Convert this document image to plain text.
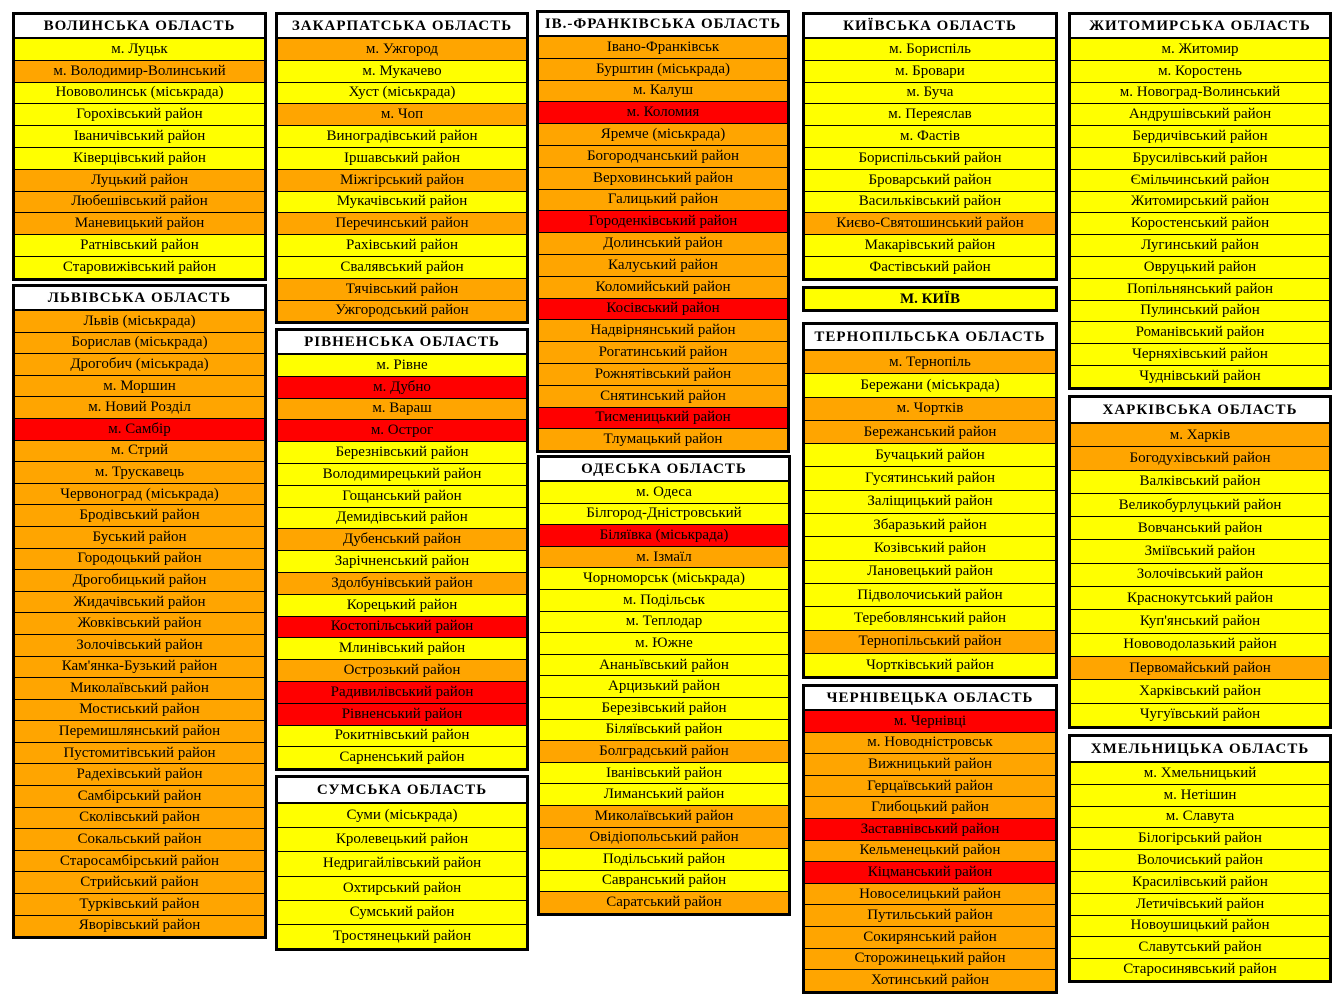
ВОЛИНСЬКА ОБЛАСТЬ
м. Луцьк
м. Володимир-Волинський
Нововолинськ (міськрада)
Горохівський район
Іваничівський район
Ківерцівський район
Луцький район
Любешівський район
Маневицький район
Ратнівський район
Старовижівський район
ЛЬВІВСЬКА ОБЛАСТЬ
Львів (міськрада)
Борислав (міськрада)
Дрогобич (міськрада)
м. Моршин
м. Новий Розділ
м. Самбір
м. Стрий
м. Трускавець
Червоноград (міськрада)
Бродівський район
Буський район
Городоцький район
Дрогобицький район
Жидачівський район
Жовківський район
Золочівський район
Кам'янка-Бузький район
Миколаївський район
Мостиський район
Перемишлянський район
Пустомитівський район
Радехівський район
Самбірський район
Сколівський район
Сокальський район
Старосамбірський район
Стрийський район
Турківський район
Яворівський район
ЗАКАРПАТСЬКА ОБЛАСТЬ
м. Ужгород
м. Мукачево
Хуст (міськрада)
м. Чоп
Виноградівський район
Іршавський район
Міжгірський район
Мукачівський район
Перечинський район
Рахівський район
Свалявський район
Тячівський район
Ужгородський район
РІВНЕНСЬКА ОБЛАСТЬ
м. Рівне
м. Дубно
м. Вараш
м. Острог
Березнівський район
Володимирецький район
Гощанський район
Демидівський район
Дубенський район
Зарічненський район
Здолбунівський район
Корецький район
Костопільський район
Млинівський район
Острозький район
Радивилівський район
Рівненський район
Рокитнівський район
Сарненський район
СУМСЬКА ОБЛАСТЬ
Суми (міськрада)
Кролевецький район
Недригайлівський район
Охтирський район
Сумський район
Тростянецький район
ІВ.-ФРАНКІВСЬКА ОБЛАСТЬ
Івано-Франківськ
Бурштин (міськрада)
м. Калуш
м. Коломия
Яремче (міськрада)
Богородчанський район
Верховинський район
Галицький район
Городенківський район
Долинський район
Калуський район
Коломийський район
Косівський район
Надвірнянський район
Рогатинський район
Рожнятівський район
Снятинський район
Тисменицький район
Тлумацький район
ОДЕСЬКА ОБЛАСТЬ
м. Одеса
Білгород-Дністровський
Біляївка (міськрада)
м. Ізмаїл
Чорноморськ (міськрада)
м. Подільськ
м. Теплодар
м. Южне
Ананьївський район
Арцизький район
Березівський район
Біляївський район
Болградський район
Іванівський район
Лиманський район
Миколаївський район
Овідіопольський район
Подільський район
Савранський район
Саратський район
КИЇВСЬКА ОБЛАСТЬ
м. Бориспіль
м. Бровари
м. Буча
м. Переяслав
м. Фастів
Бориспільський район
Броварський район
Васильківський район
Києво-Святошинський район
Макарівський район
Фастівський район
ТЕРНОПІЛЬСЬКА ОБЛАСТЬ
м. Тернопіль
Бережани (міськрада)
м. Чортків
Бережанський район
Бучацький район
Гусятинський район
Заліщицький район
Збаразький район
Козівський район
Лановецький район
Підволочиський район
Теребовлянський район
Тернопільський район
Чортківський район
ЧЕРНІВЕЦЬКА ОБЛАСТЬ
м. Чернівці
м. Новодністровськ
Вижницький район
Герцаївський район
Глибоцький район
Заставнівський район
Кельменецький район
Кіцманський район
Новоселицький район
Путильський район
Сокирянський район
Сторожинецький район
Хотинський район
ЖИТОМИРСЬКА ОБЛАСТЬ
м. Житомир
м. Коростень
м. Новоград-Волинський
Андрушівський район
Бердичівський район
Брусилівський район
Ємільчинський район
Житомирський район
Коростенський район
Лугинський район
Овруцький район
Попільнянський район
Пулинський район
Романівський район
Черняхівський район
Чуднівський район
ХАРКІВСЬКА ОБЛАСТЬ
м. Харків
Богодухівський район
Валківський район
Великобурлуцький район
Вовчанський район
Зміївський район
Золочівський район
Краснокутський район
Куп'янський район
Нововодолазький район
Первомайський район
Харківський район
Чугуївський район
ХМЕЛЬНИЦЬКА ОБЛАСТЬ
м. Хмельницький
м. Нетішин
м. Славута
Білогірський район
Волочиський район
Красилівський район
Летичівський район
Новоушицький район
Славутський район
Старосинявський район
М. КИЇВ
